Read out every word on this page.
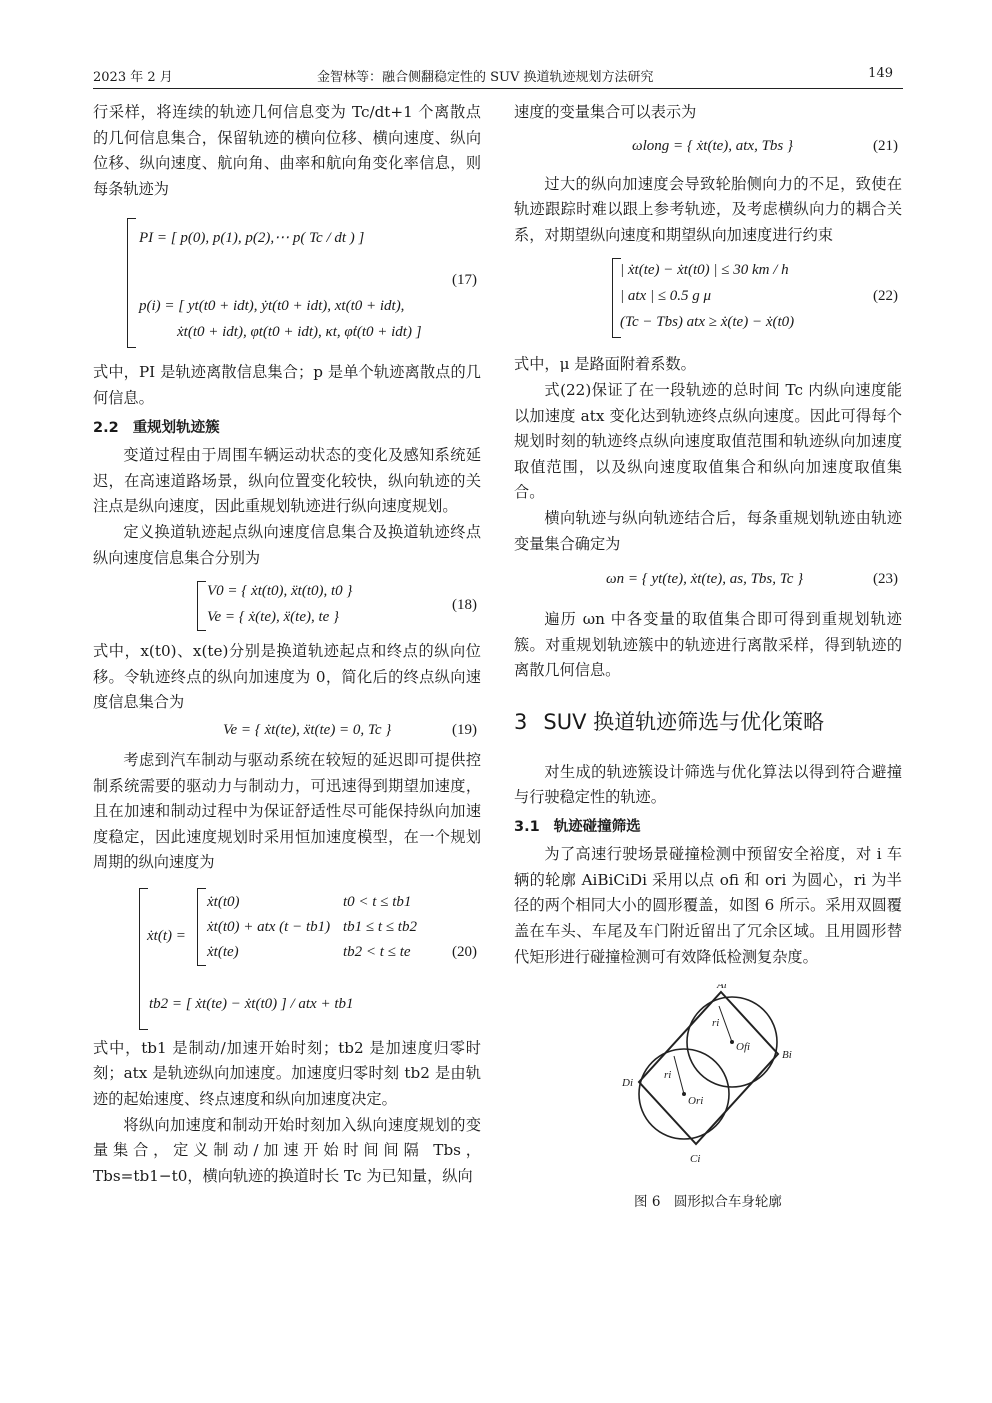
2023 年 2 月	金智林等：融合侧翻稳定性的 SUV 换道轨迹规划方法研究	149

行采样，将连续的轨迹几何信息变为 Tc/dt+1 个离散点的几何信息集合，保留轨迹的横向位移、横向速度、纵向位移、纵向速度、航向角、曲率和航向角变化率信息，则每条轨迹为

PI = [ p(0), p(1), p(2),⋯ p( Tc / dt ) ]
p(i) = [ yt(t0 + idt), ẏt(t0 + idt), xt(t0 + idt),
ẋt(t0 + idt), φt(t0 + idt), κt, φ̇t(t0 + idt) ]
(17)

式中，PI 是轨迹离散信息集合；p 是单个轨迹离散点的几何信息。

2.2 重规划轨迹簇

变道过程由于周围车辆运动状态的变化及感知系统延迟，在高速道路场景，纵向位置变化较快，纵向轨迹的关注点是纵向速度，因此重规划轨迹进行纵向速度规划。

定义换道轨迹起点纵向速度信息集合及换道轨迹终点纵向速度信息集合分别为

V0 = { ẋt(t0), ẍt(t0), t0 }
Ve = { ẋ(te), ẍ(te), te }
(18)

式中，x(t0)、x(te)分别是换道轨迹起点和终点的纵向位移。令轨迹终点的纵向加速度为 0，简化后的终点纵向速度信息集合为

Ve = { ẋt(te), ẍt(te) = 0, Tc }	(19)

考虑到汽车制动与驱动系统在较短的延迟即可提供控制系统需要的驱动力与制动力，可迅速得到期望加速度，且在加速和制动过程中为保证舒适性尽可能保持纵向加速度稳定，因此速度规划时采用恒加速度模型，在一个规划周期的纵向速度为

ẋt(t) =
ẋt(t0)	t0 < t ≤ tb1
ẋt(t0) + atx (t − tb1) tb1 ≤ t ≤ tb2
ẋt(te)	tb2 < t ≤ te
tb2 = [ ẋt(te) − ẋt(t0) ] / atx + tb1
(20)

式中，tb1 是制动/加速开始时刻；tb2 是加速度归零时刻；atx 是轨迹纵向加速度。加速度归零时刻 tb2 是由轨迹的起始速度、终点速度和纵向加速度决定。

将纵向加速度和制动开始时刻加入纵向速度规划的变量集合，定义制动/加速开始时间间隔 Tbs，Tbs=tb1−t0，横向轨迹的换道时长 Tc 为已知量，纵向

速度的变量集合可以表示为

ωlong = { ẋt(te), atx, Tbs }	(21)

过大的纵向加速度会导致轮胎侧向力的不足，致使在轨迹跟踪时难以跟上参考轨迹，及考虑横纵向力的耦合关系，对期望纵向速度和期望纵向加速度进行约束

| ẋt(te) − ẋt(t0) | ≤ 30 km / h
| atx | ≤ 0.5 g μ
(Tc − Tbs) atx ≥ ẋ(te) − ẋ(t0)
(22)

式中，μ 是路面附着系数。

式(22)保证了在一段轨迹的总时间 Tc 内纵向速度能以加速度 atx 变化达到轨迹终点纵向速度。因此可得每个规划时刻的轨迹终点纵向速度取值范围和轨迹纵向加速度取值范围，以及纵向速度取值集合和纵向加速度取值集合。

横向轨迹与纵向轨迹结合后，每条重规划轨迹由轨迹变量集合确定为

ωn = { yt(te), ẋt(te), as, Tbs, Tc }	(23)

遍历 ωn 中各变量的取值集合即可得到重规划轨迹簇。对重规划轨迹簇中的轨迹进行离散采样，得到轨迹的离散几何信息。

3 SUV 换道轨迹筛选与优化策略

对生成的轨迹簇设计筛选与优化算法以得到符合避撞与行驶稳定性的轨迹。

3.1 轨迹碰撞筛选

为了高速行驶场景碰撞检测中预留安全裕度，对 i 车辆的轮廓 AiBiCiDi 采用以点 ofi 和 ori 为圆心，ri 为半径的两个相同大小的圆形覆盖，如图 6 所示。采用双圆覆盖在车头、车尾及车门附近留出了冗余区域。且用圆形替代矩形进行碰撞检测可有效降低检测复杂度。

Ai
Bi
Ci
Di
ri
ri
Ofi
Ori
图 6　圆形拟合车身轮廓
